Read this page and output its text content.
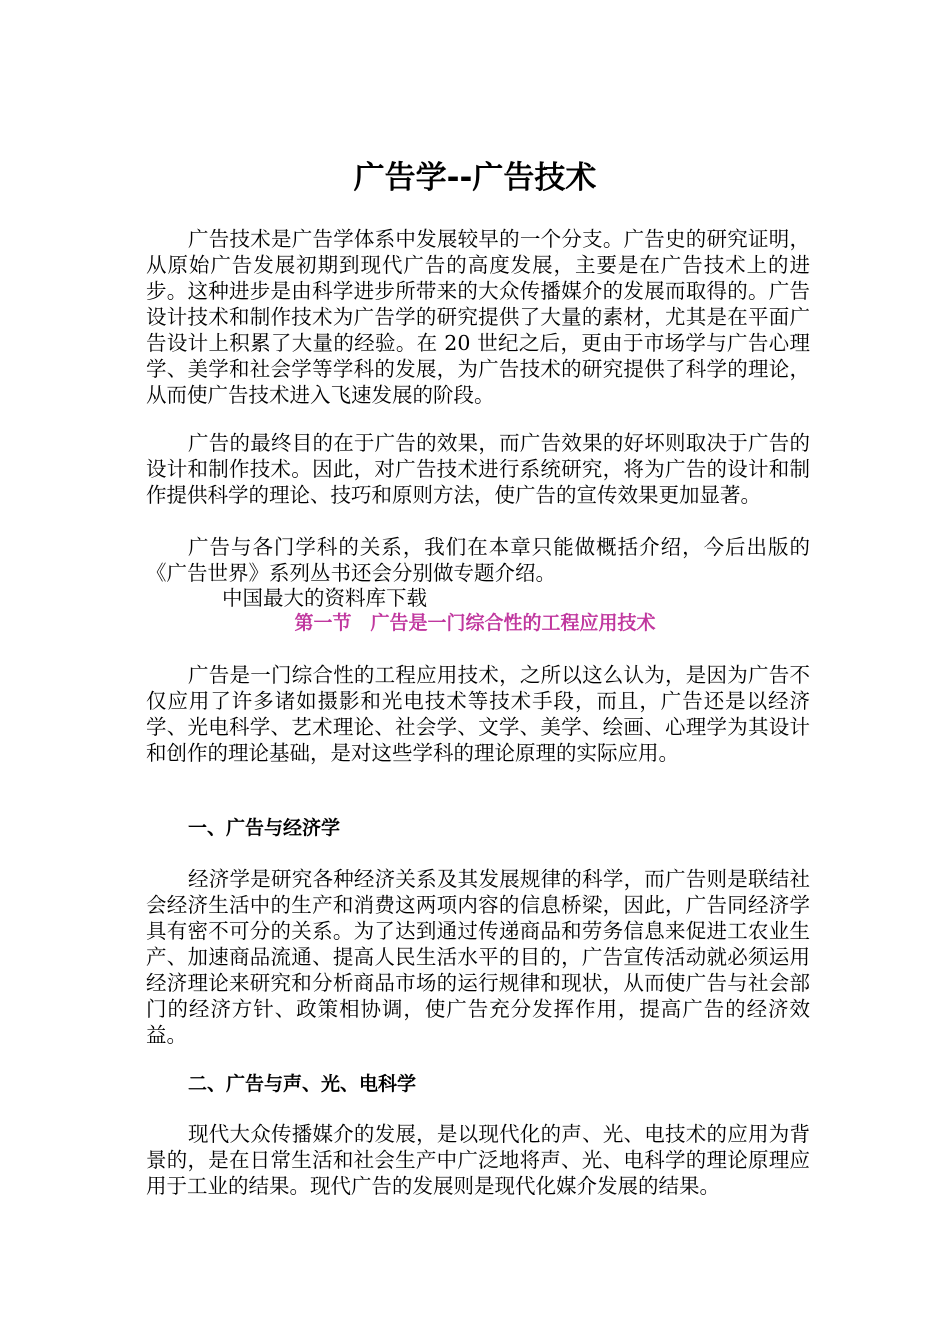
广告学--广告技术

广告技术是广告学体系中发展较早的一个分支。广告史的研究证明，从原始广告发展初期到现代广告的高度发展，主要是在广告技术上的进步。这种进步是由科学进步所带来的大众传播媒介的发展而取得的。广告设计技术和制作技术为广告学的研究提供了大量的素材，尤其是在平面广告设计上积累了大量的经验。在 20 世纪之后，更由于市场学与广告心理学、美学和社会学等学科的发展，为广告技术的研究提供了科学的理论，从而使广告技术进入飞速发展的阶段。

广告的最终目的在于广告的效果，而广告效果的好坏则取决于广告的设计和制作技术。因此，对广告技术进行系统研究，将为广告的设计和制作提供科学的理论、技巧和原则方法，使广告的宣传效果更加显著。

广告与各门学科的关系，我们在本章只能做概括介绍，今后出版的《广告世界》系列丛书还会分别做专题介绍。

中国最大的资料库下载

第一节　广告是一门综合性的工程应用技术

广告是一门综合性的工程应用技术，之所以这么认为，是因为广告不仅应用了许多诸如摄影和光电技术等技术手段，而且，广告还是以经济学、光电科学、艺术理论、社会学、文学、美学、绘画、心理学为其设计和创作的理论基础，是对这些学科的理论原理的实际应用。

一、广告与经济学

经济学是研究各种经济关系及其发展规律的科学，而广告则是联结社会经济生活中的生产和消费这两项内容的信息桥梁，因此，广告同经济学具有密不可分的关系。为了达到通过传递商品和劳务信息来促进工农业生产、加速商品流通、提高人民生活水平的目的，广告宣传活动就必须运用经济理论来研究和分析商品市场的运行规律和现状，从而使广告与社会部门的经济方针、政策相协调，使广告充分发挥作用，提高广告的经济效益。

二、广告与声、光、电科学

现代大众传播媒介的发展，是以现代化的声、光、电技术的应用为背景的，是在日常生活和社会生产中广泛地将声、光、电科学的理论原理应用于工业的结果。现代广告的发展则是现代化媒介发展的结果。
